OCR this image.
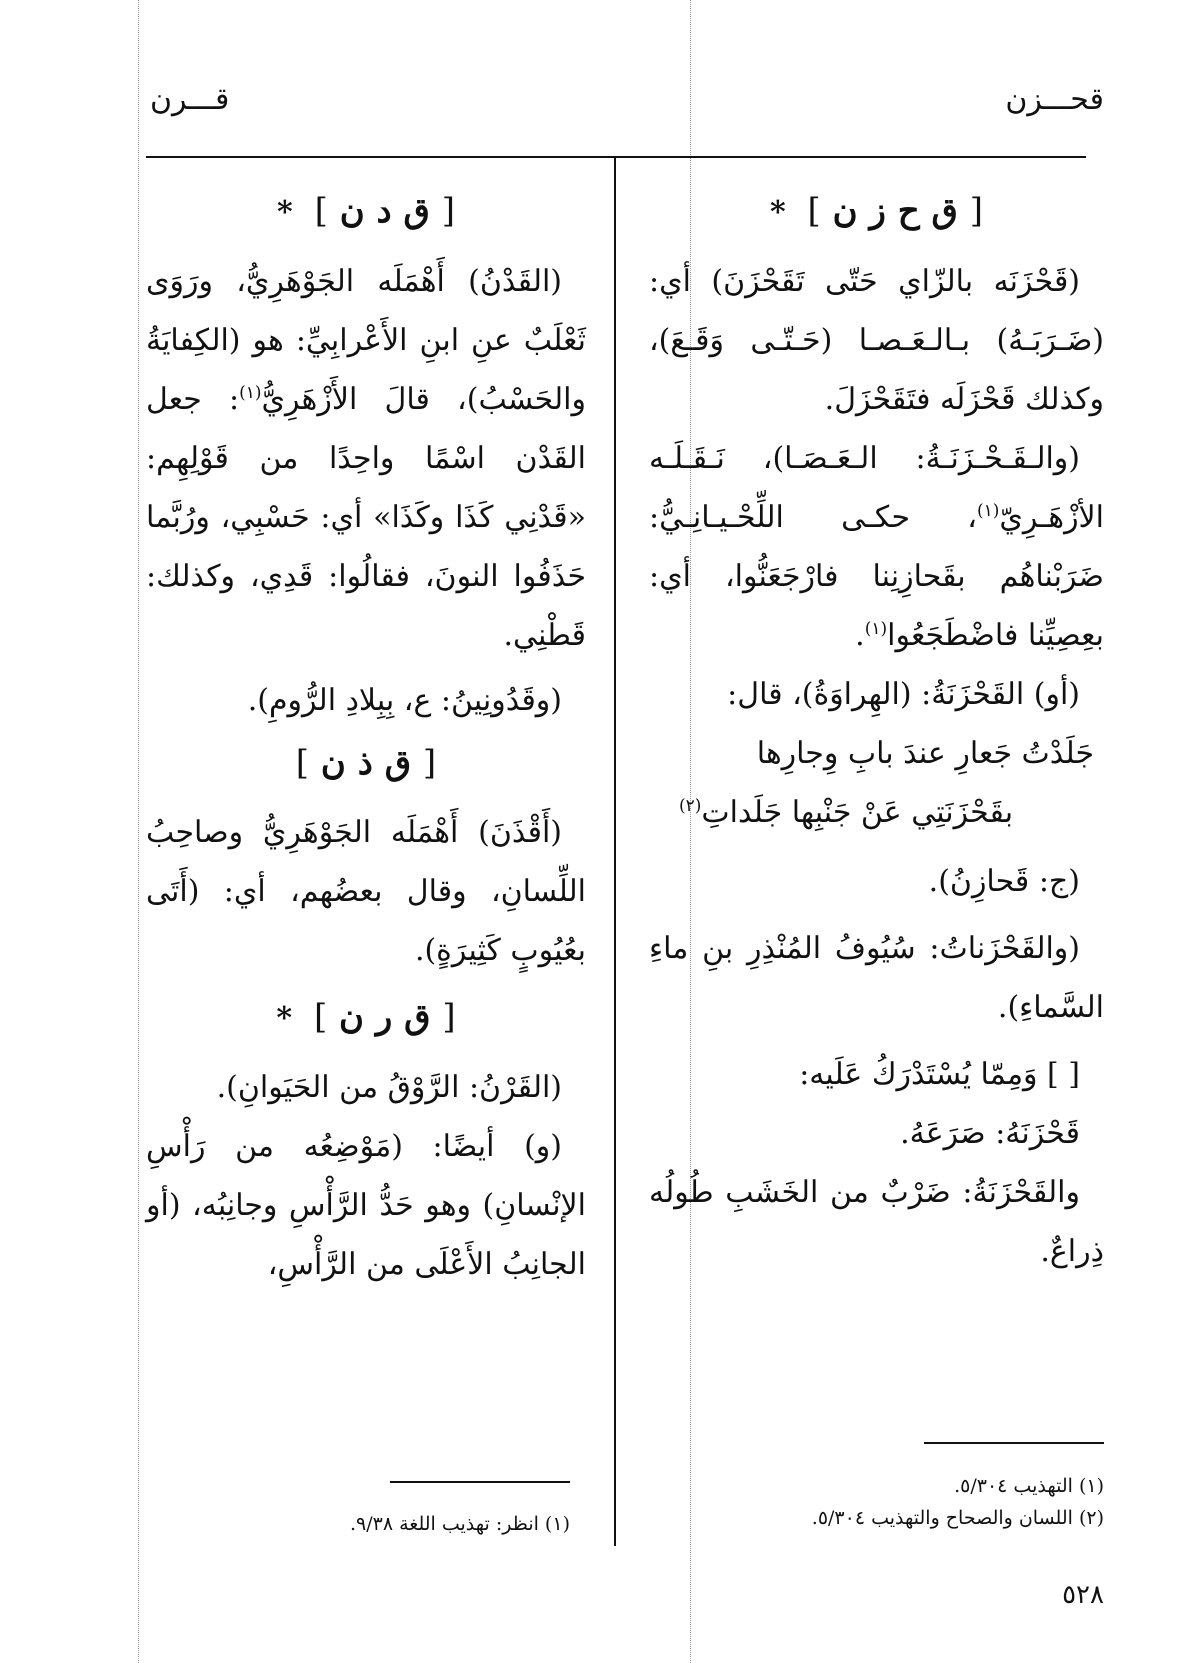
قحـــزن
قـــرن
[ ق ح ز ن ] *

(قَحْزَنَه بالزّاي حَتّى تَقَحْزَنَ) أي: (ضَـرَبَـهُ) بـالـعَـصـا (حَـتّـى وَقَـعَ)، وكذلك قَحْزَلَه فتَقَحْزَلَ.

(والـقَـحْـزَنَـةُ: الـعَـصَـا)، نَـقَـلَـه الأزْهَـرِيّ$^{(١)}$، حكـى اللِّحْـيـانِـيُّ: ضَرَبْناهُم بقَحازِنِنا فارْجَعَنُّوا، أي: بعِصِيِّنا فاضْطَجَعُوا$^{(١)}$.

(أو) القَحْزَنَةُ: (الهِراوَةُ)، قال:

جَلَدْتُ جَعارِ عندَ بابِ وِجارِها

بقَحْزَنَتِي عَنْ جَنْبِها جَلَداتِ$^{(٢)}$

(ج: قَحازِنُ).

(والقَحْزَناتُ: سُيُوفُ المُنْذِرِ بنِ ماءِ السَّماءِ).

[ ] وَمِمّا يُسْتَدْرَكُ عَلَيه:

قَحْزَنَهُ: صَرَعَهُ.

والقَحْزَنَةُ: ضَرْبٌ من الخَشَبِ طُولُه ذِراعٌ.

[ ق د ن ] *

(القَدْنُ) أَهْمَلَه الجَوْهَرِيُّ، ورَوَى ثَعْلَبٌ عنِ ابنِ الأَعْرابِيِّ: هو (الكِفايَةُ والحَسْبُ)، قالَ الأَزْهَرِيُّ$^{(١)}$: جعل القَدْن اسْمًا واحِدًا من قَوْلِهِم: «قَدْنِي كَذَا وكَذَا» أي: حَسْبِي، ورُبَّما حَذَفُوا النونَ، فقالُوا: قَدِي، وكذلك: قَطْنِي.

(وقَدُونِينُ: ع، بِبِلادِ الرُّومِ).

[ ق ذ ن ]

(أَقْذَنَ) أَهْمَلَه الجَوْهَرِيُّ وصاحِبُ اللِّسانِ، وقال بعضُهم، أي: (أَتَى بعُيُوبٍ كَثِيرَةٍ).

[ ق ر ن ] *

(القَرْنُ: الرَّوْقُ من الحَيَوانِ).

(و) أيضًا: (مَوْضِعُه من رَأْسِ الإنْسانِ) وهو حَدُّ الرَّأْسِ وجانِبُه، (أو الجانِبُ الأَعْلَى من الرَّأْسِ،

(١) التهذيب ٥/٣٠٤.

(٢) اللسان والصحاح والتهذيب ٥/٣٠٤.

(١) انظر: تهذيب اللغة ٩/٣٨.

٥٢٨
